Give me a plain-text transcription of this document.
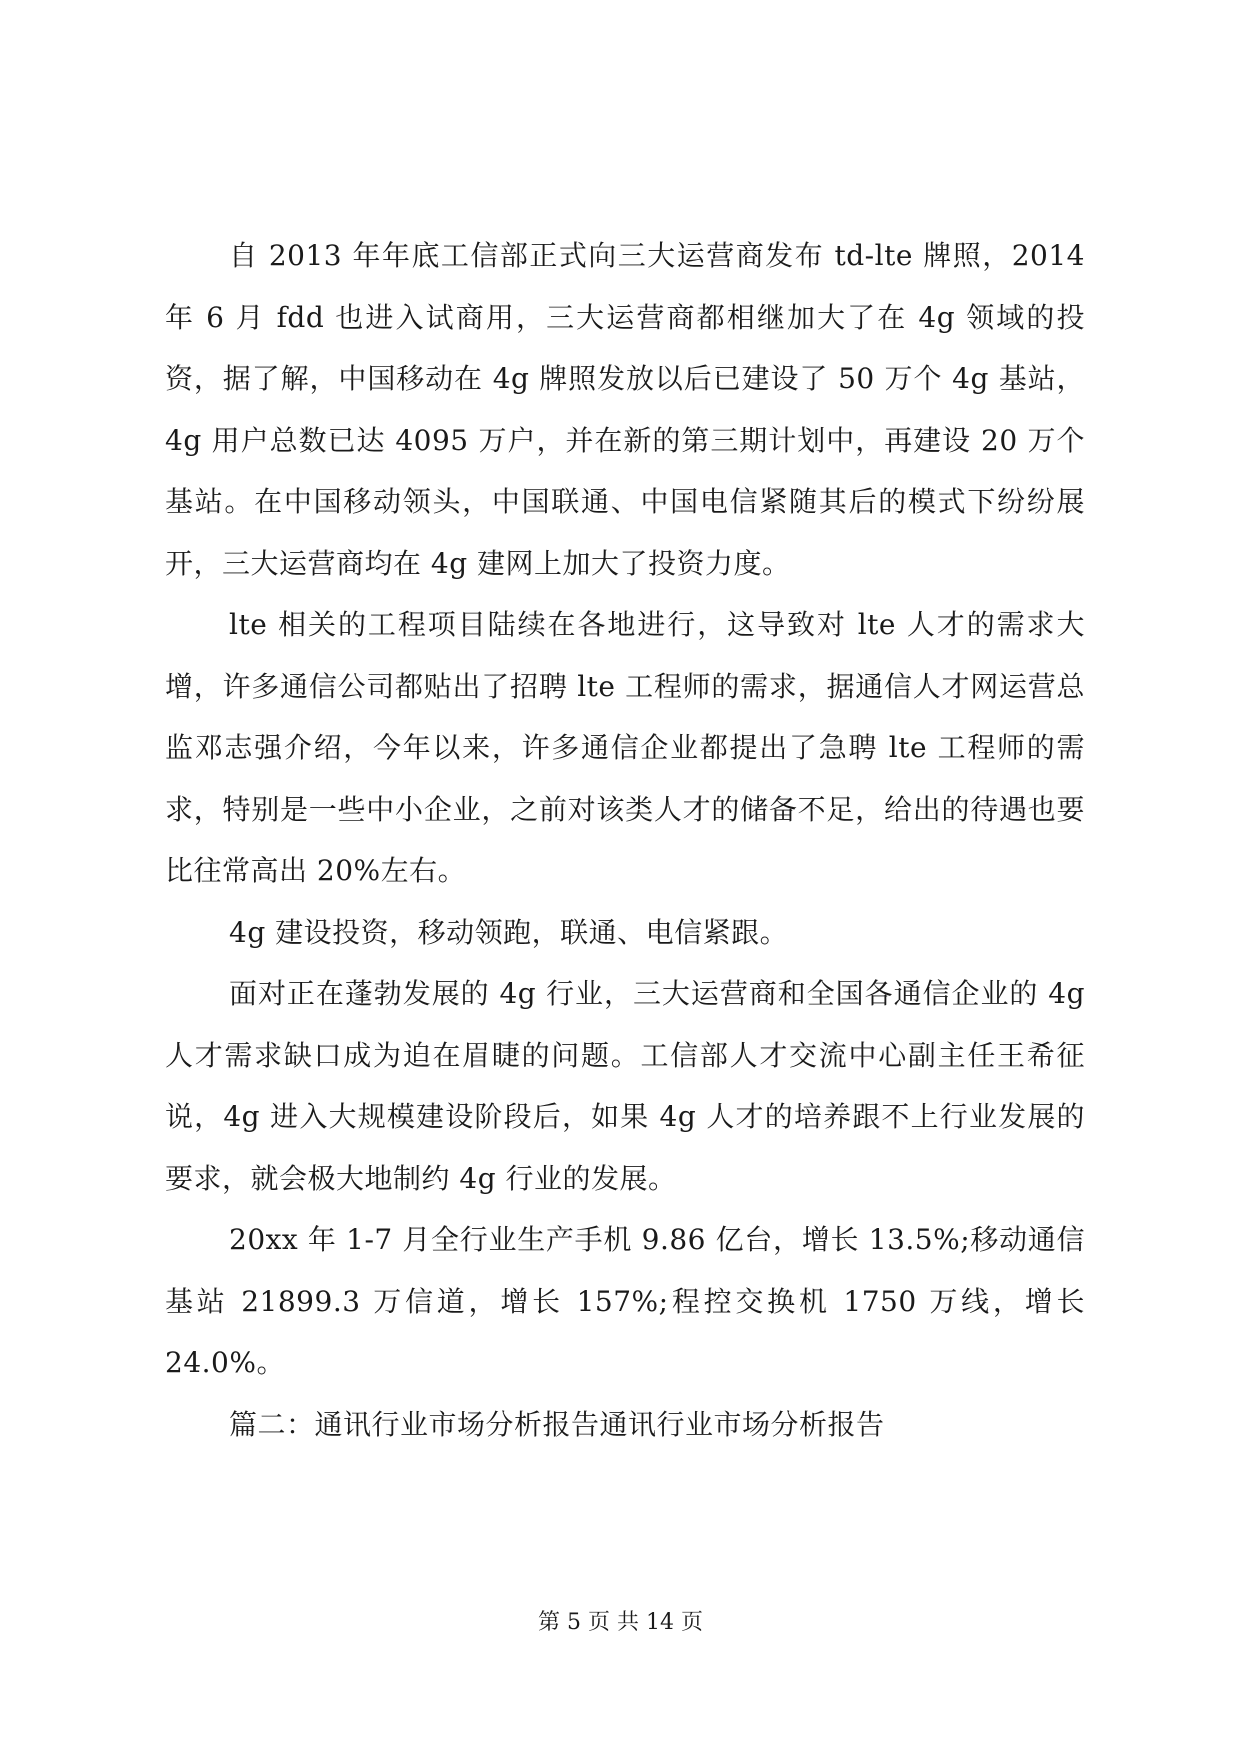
自 2013 年年底工信部正式向三大运营商发布 td-lte 牌照，2014 年 6 月 fdd 也进入试商用，三大运营商都相继加大了在 4g 领域的投资，据了解，中国移动在 4g 牌照发放以后已建设了 50 万个 4g 基站，4g 用户总数已达 4095 万户，并在新的第三期计划中，再建设 20 万个基站。在中国移动领头，中国联通、中国电信紧随其后的模式下纷纷展开，三大运营商均在 4g 建网上加大了投资力度。

lte 相关的工程项目陆续在各地进行，这导致对 lte 人才的需求大增，许多通信公司都贴出了招聘 lte 工程师的需求，据通信人才网运营总监邓志强介绍，今年以来，许多通信企业都提出了急聘 lte 工程师的需求，特别是一些中小企业，之前对该类人才的储备不足，给出的待遇也要比往常高出 20%左右。

4g 建设投资，移动领跑，联通、电信紧跟。

面对正在蓬勃发展的 4g 行业，三大运营商和全国各通信企业的 4g 人才需求缺口成为迫在眉睫的问题。工信部人才交流中心副主任王希征说，4g 进入大规模建设阶段后，如果 4g 人才的培养跟不上行业发展的要求，就会极大地制约 4g 行业的发展。

20xx 年 1-7 月全行业生产手机 9.86 亿台，增长 13.5%;移动通信基站 21899.3 万信道，增长 157%;程控交换机 1750 万线，增长 24.0%。

篇二：通讯行业市场分析报告通讯行业市场分析报告

第 5 页 共 14 页
